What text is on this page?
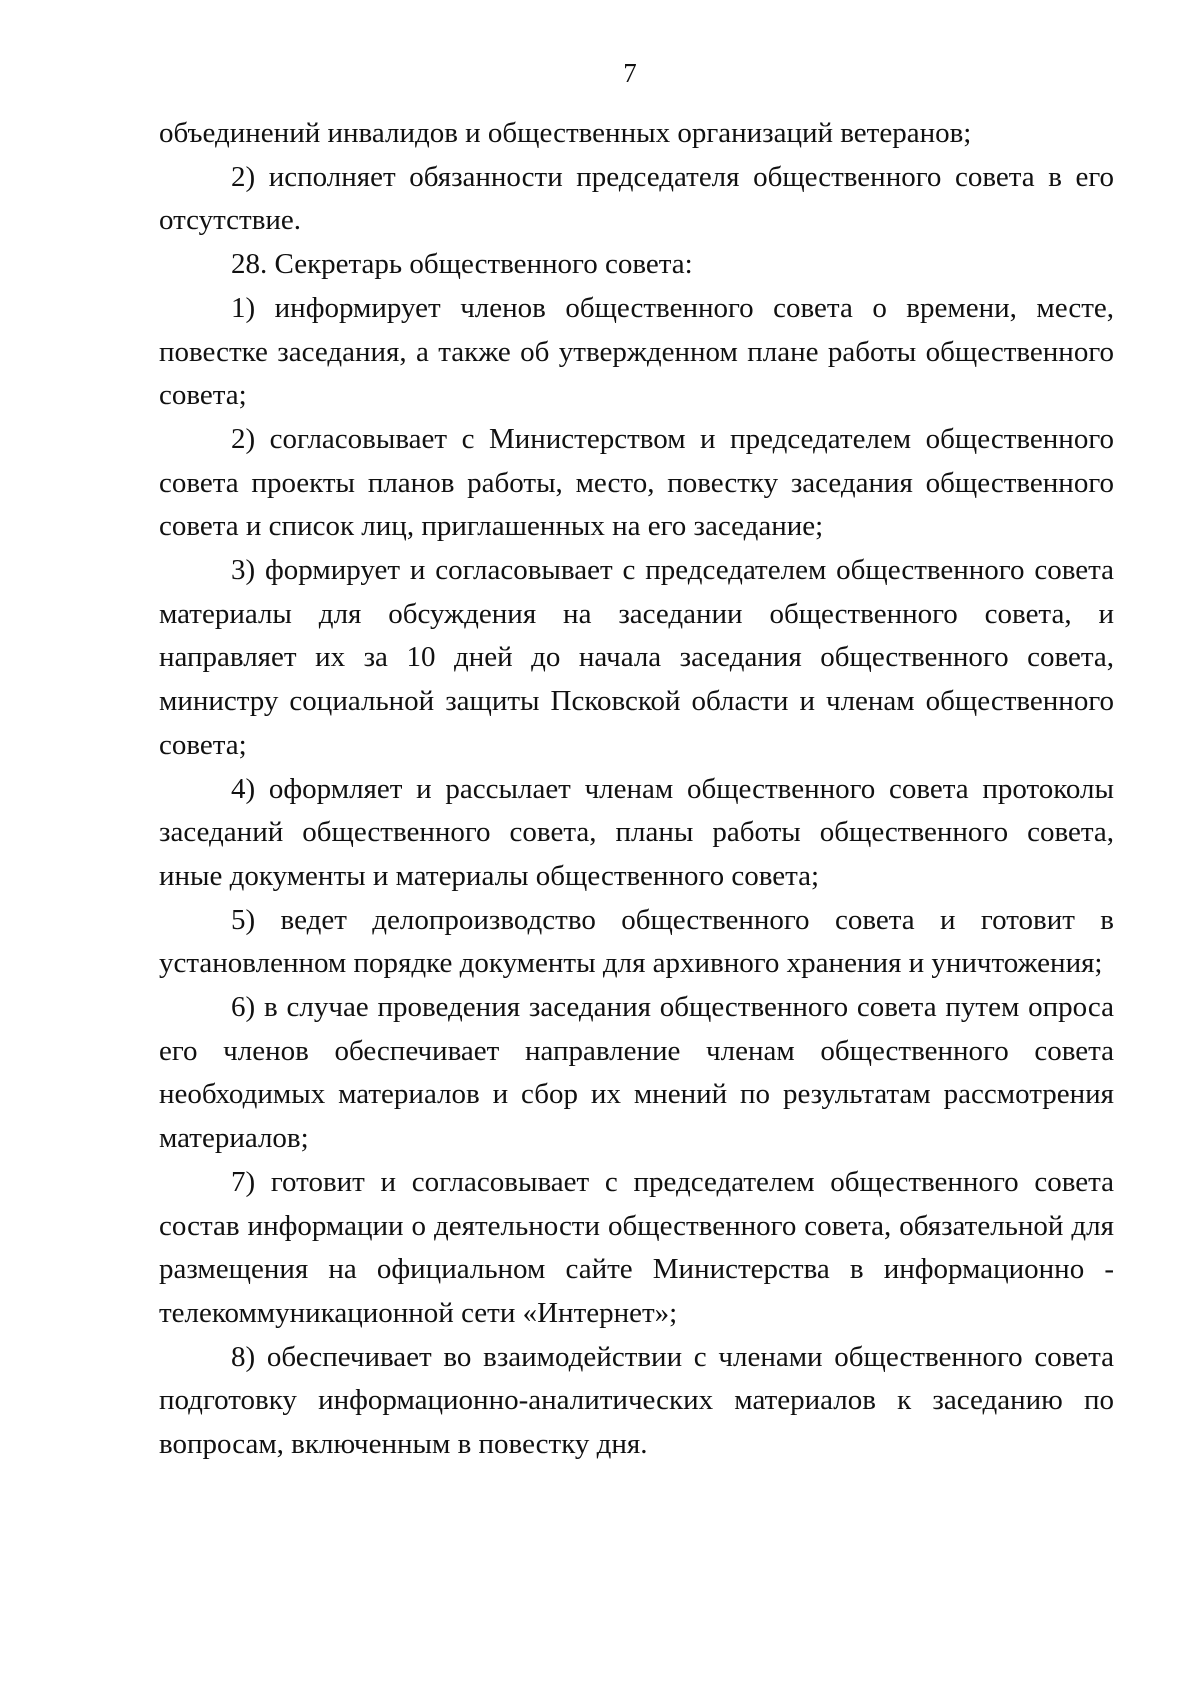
7

объединений инвалидов и общественных организаций ветеранов;

2) исполняет обязанности председателя общественного совета в его отсутствие.

28. Секретарь общественного совета:

1) информирует членов общественного совета о времени, месте, повестке заседания, а также об утвержденном плане работы общественного совета;

2) согласовывает с Министерством и председателем общественного совета проекты планов работы, место, повестку заседания общественного совета и список лиц, приглашенных на его заседание;

3) формирует и согласовывает с председателем общественного совета материалы для обсуждения на заседании общественного совета, и направляет их за 10 дней до начала заседания общественного совета, министру социальной защиты Псковской области и членам общественного совета;

4) оформляет и рассылает членам общественного совета протоколы заседаний общественного совета, планы работы общественного совета, иные документы и материалы общественного совета;

5) ведет делопроизводство общественного совета и готовит в установленном порядке документы для архивного хранения и уничтожения;

6) в случае проведения заседания общественного совета путем опроса его членов обеспечивает направление членам общественного совета необходимых материалов и сбор их мнений по результатам рассмотрения материалов;

7) готовит и согласовывает с председателем общественного совета состав информации о деятельности общественного совета, обязательной для размещения на официальном сайте Министерства в информационно - телекоммуникационной сети «Интернет»;

8) обеспечивает во взаимодействии с членами общественного совета подготовку информационно-аналитических материалов к заседанию по вопросам, включенным в повестку дня.
